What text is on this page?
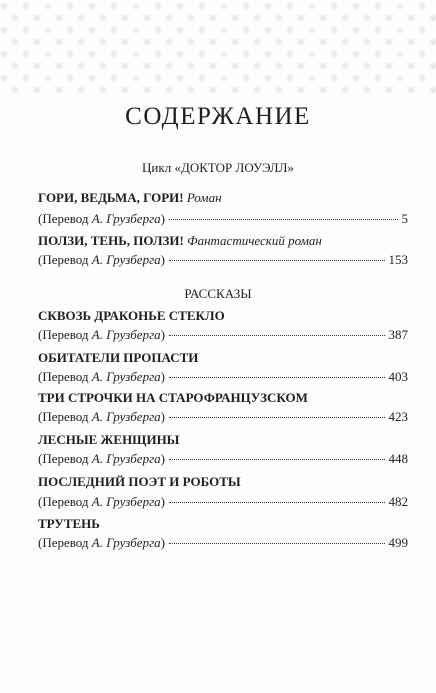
СОДЕРЖАНИЕ
Цикл «ДОКТОР ЛОУЭЛЛ»
РАССКАЗЫ
ГОРИ, ВЕДЬМА, ГОРИ! Роман
(Перевод А. Грузберга)	5
ПОЛЗИ, ТЕНЬ, ПОЛЗИ! Фантастический роман
(Перевод А. Грузберга)	153
СКВОЗЬ ДРАКОНЬЕ СТЕКЛО
(Перевод А. Грузберга)	387
ОБИТАТЕЛИ ПРОПАСТИ
(Перевод А. Грузберга)	403
ТРИ СТРОЧКИ НА СТАРОФРАНЦУЗСКОМ
(Перевод А. Грузберга)	423
ЛЕСНЫЕ ЖЕНЩИНЫ
(Перевод А. Грузберга)	448
ПОСЛЕДНИЙ ПОЭТ И РОБОТЫ
(Перевод А. Грузберга)	482
ТРУТЕНЬ
(Перевод А. Грузберга)	499
